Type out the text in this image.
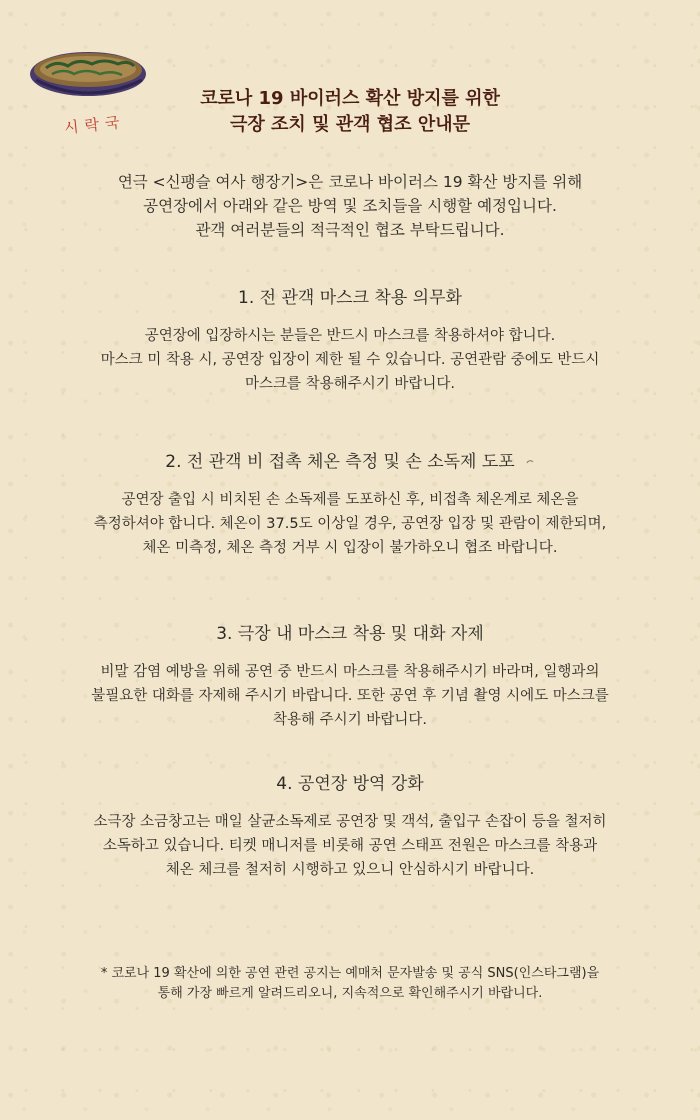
시락국
코로나 19 바이러스 확산 방지를 위한
극장 조치 및 관객 협조 안내문
연극 <신팽슬 여사 행장기>은 코로나 바이러스 19 확산 방지를 위해
공연장에서 아래와 같은 방역 및 조치들을 시행할 예정입니다.
관객 여러분들의 적극적인 협조 부탁드립니다.
1. 전 관객 마스크 착용 의무화

공연장에 입장하시는 분들은 반드시 마스크를 착용하셔야 합니다.
마스크 미 착용 시, 공연장 입장이 제한 될 수 있습니다. 공연관람 중에도 반드시
마스크를 착용해주시기 바랍니다.

2. 전 관객 비 접촉 체온 측정 및 손 소독제 도포

공연장 출입 시 비치된 손 소독제를 도포하신 후, 비접촉 체온계로 체온을
측정하셔야 합니다. 체온이 37.5도 이상일 경우, 공연장 입장 및 관람이 제한되며,
체온 미측정, 체온 측정 거부 시 입장이 불가하오니 협조 바랍니다.

3. 극장 내 마스크 착용 및 대화 자제

비말 감염 예방을 위해 공연 중 반드시 마스크를 착용해주시기 바라며, 일행과의
불필요한 대화를 자제해 주시기 바랍니다. 또한 공연 후 기념 촬영 시에도 마스크를
착용해 주시기 바랍니다.

4. 공연장 방역 강화

소극장 소금창고는 매일 살균소독제로 공연장 및 객석, 출입구 손잡이 등을 철저히
소독하고 있습니다. 티켓 매니저를 비롯해 공연 스태프 전원은 마스크를 착용과
체온 체크를 철저히 시행하고 있으니 안심하시기 바랍니다.

* 코로나 19 확산에 의한 공연 관련 공지는 예매처 문자발송 및 공식 SNS(인스타그램)을
통해 가장 빠르게 알려드리오니, 지속적으로 확인해주시기 바랍니다.
